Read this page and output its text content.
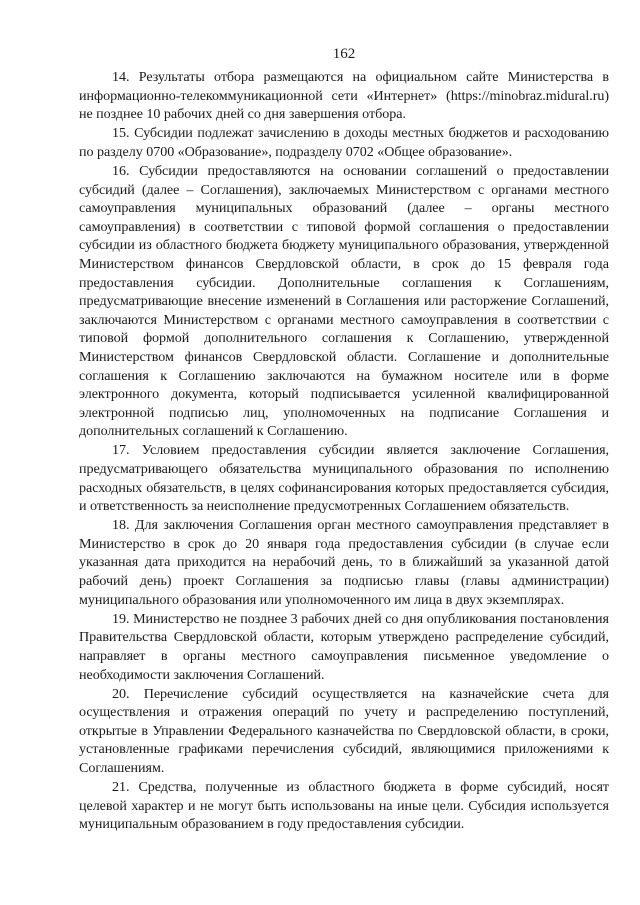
162

14. Результаты отбора размещаются на официальном сайте Министерства в информационно-телекоммуникационной сети «Интернет» (https://minobraz.midural.ru) не позднее 10 рабочих дней со дня завершения отбора.

15. Субсидии подлежат зачислению в доходы местных бюджетов и расходованию по разделу 0700 «Образование», подразделу 0702 «Общее образование».

16. Субсидии предоставляются на основании соглашений о предоставлении субсидий (далее – Соглашения), заключаемых Министерством с органами местного самоуправления муниципальных образований (далее – органы местного самоуправления) в соответствии с типовой формой соглашения о предоставлении субсидии из областного бюджета бюджету муниципального образования, утвержденной Министерством финансов Свердловской области, в срок до 15 февраля года предоставления субсидии. Дополнительные соглашения к Соглашениям, предусматривающие внесение изменений в Соглашения или расторжение Соглашений, заключаются Министерством с органами местного самоуправления в соответствии с типовой формой дополнительного соглашения к Соглашению, утвержденной Министерством финансов Свердловской области. Соглашение и дополнительные соглашения к Соглашению заключаются на бумажном носителе или в форме электронного документа, который подписывается усиленной квалифицированной электронной подписью лиц, уполномоченных на подписание Соглашения и дополнительных соглашений к Соглашению.

17. Условием предоставления субсидии является заключение Соглашения, предусматривающего обязательства муниципального образования по исполнению расходных обязательств, в целях софинансирования которых предоставляется субсидия, и ответственность за неисполнение предусмотренных Соглашением обязательств.

18. Для заключения Соглашения орган местного самоуправления представляет в Министерство в срок до 20 января года предоставления субсидии (в случае если указанная дата приходится на нерабочий день, то в ближайший за указанной датой рабочий день) проект Соглашения за подписью главы (главы администрации) муниципального образования или уполномоченного им лица в двух экземплярах.

19. Министерство не позднее 3 рабочих дней со дня опубликования постановления Правительства Свердловской области, которым утверждено распределение субсидий, направляет в органы местного самоуправления письменное уведомление о необходимости заключения Соглашений.

20. Перечисление субсидий осуществляется на казначейские счета для осуществления и отражения операций по учету и распределению поступлений, открытые в Управлении Федерального казначейства по Свердловской области, в сроки, установленные графиками перечисления субсидий, являющимися приложениями к Соглашениям.

21. Средства, полученные из областного бюджета в форме субсидий, носят целевой характер и не могут быть использованы на иные цели. Субсидия используется муниципальным образованием в году предоставления субсидии.
